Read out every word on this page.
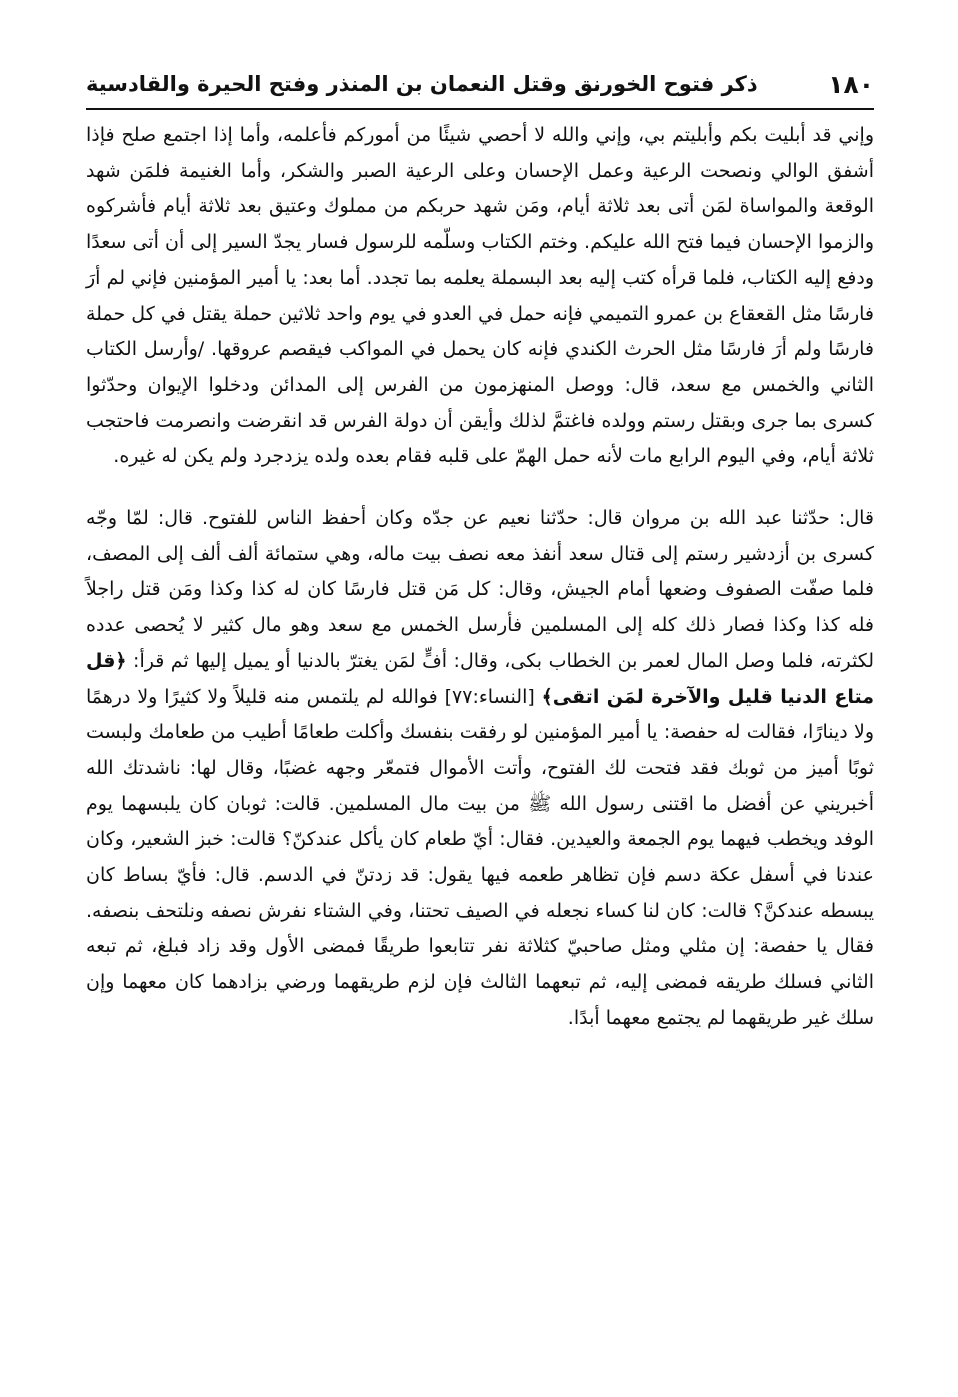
١٨٠
ذكر فتوح الخورنق وقتل النعمان بن المنذر وفتح الحيرة والقادسية

وإني قد أبليت بكم وأبليتم بي، وإني والله لا أحصي شيئًا من أموركم فأعلمه، وأما إذا اجتمع صلح فإذا أشفق الوالي ونصحت الرعية وعمل الإحسان وعلى الرعية الصبر والشكر، وأما الغنيمة فلمَن شهد الوقعة والمواساة لمَن أتى بعد ثلاثة أيام، ومَن شهد حربكم من مملوك وعتيق بعد ثلاثة أيام فأشركوه والزموا الإحسان فيما فتح الله عليكم. وختم الكتاب وسلّمه للرسول فسار يجدّ السير إلى أن أتى سعدًا ودفع إليه الكتاب، فلما قرأه كتب إليه بعد البسملة يعلمه بما تجدد. أما بعد: يا أمير المؤمنين فإني لم أرَ فارسًا مثل القعقاع بن عمرو التميمي فإنه حمل في العدو في يوم واحد ثلاثين حملة يقتل في كل حملة فارسًا ولم أرَ فارسًا مثل الحرث الكندي فإنه كان يحمل في المواكب فيقصم عروقها. /وأرسل الكتاب الثاني والخمس مع سعد، قال: ووصل المنهزمون من الفرس إلى المدائن ودخلوا الإيوان وحدّثوا كسرى بما جرى وبقتل رستم وولده فاغتمَّ لذلك وأيقن أن دولة الفرس قد انقرضت وانصرمت فاحتجب ثلاثة أيام، وفي اليوم الرابع مات لأنه حمل الهمّ على قلبه فقام بعده ولده يزدجرد ولم يكن له غيره.

قال: حدّثنا عبد الله بن مروان قال: حدّثنا نعيم عن جدّه وكان أحفظ الناس للفتوح. قال: لمّا وجّه كسرى بن أزدشير رستم إلى قتال سعد أنفذ معه نصف بيت ماله، وهي ستمائة ألف ألف إلى المصف، فلما صفّت الصفوف وضعها أمام الجيش، وقال: كل مَن قتل فارسًا كان له كذا وكذا ومَن قتل راجلاً فله كذا وكذا فصار ذلك كله إلى المسلمين فأرسل الخمس مع سعد وهو مال كثير لا يُحصى عدده لكثرته، فلما وصل المال لعمر بن الخطاب بكى، وقال: أفٍّ لمَن يغترّ بالدنيا أو يميل إليها ثم قرأ: ﴿قل متاع الدنيا قليل والآخرة لمَن اتقى﴾ [النساء:٧٧] فوالله لم يلتمس منه قليلاً ولا كثيرًا ولا درهمًا ولا دينارًا، فقالت له حفصة: يا أمير المؤمنين لو رفقت بنفسك وأكلت طعامًا أطيب من طعامك ولبست ثوبًا أميز من ثوبك فقد فتحت لك الفتوح، وأتت الأموال فتمعّر وجهه غضبًا، وقال لها: ناشدتك الله أخبريني عن أفضل ما اقتنى رسول الله ﷺ من بيت مال المسلمين. قالت: ثوبان كان يلبسهما يوم الوفد ويخطب فيهما يوم الجمعة والعيدين. فقال: أيّ طعام كان يأكل عندكنّ؟ قالت: خبز الشعير، وكان عندنا في أسفل عكة دسم فإن تظاهر طعمه فيها يقول: قد زدتنّ في الدسم. قال: فأيّ بساط كان يبسطه عندكنَّ؟ قالت: كان لنا كساء نجعله في الصيف تحتنا، وفي الشتاء نفرش نصفه ونلتحف بنصفه. فقال يا حفصة: إن مثلي ومثل صاحبيّ كثلاثة نفر تتابعوا طريقًا فمضى الأول وقد زاد فبلغ، ثم تبعه الثاني فسلك طريقه فمضى إليه، ثم تبعهما الثالث فإن لزم طريقهما ورضي بزادهما كان معهما وإن سلك غير طريقهما لم يجتمع معهما أبدًا.
